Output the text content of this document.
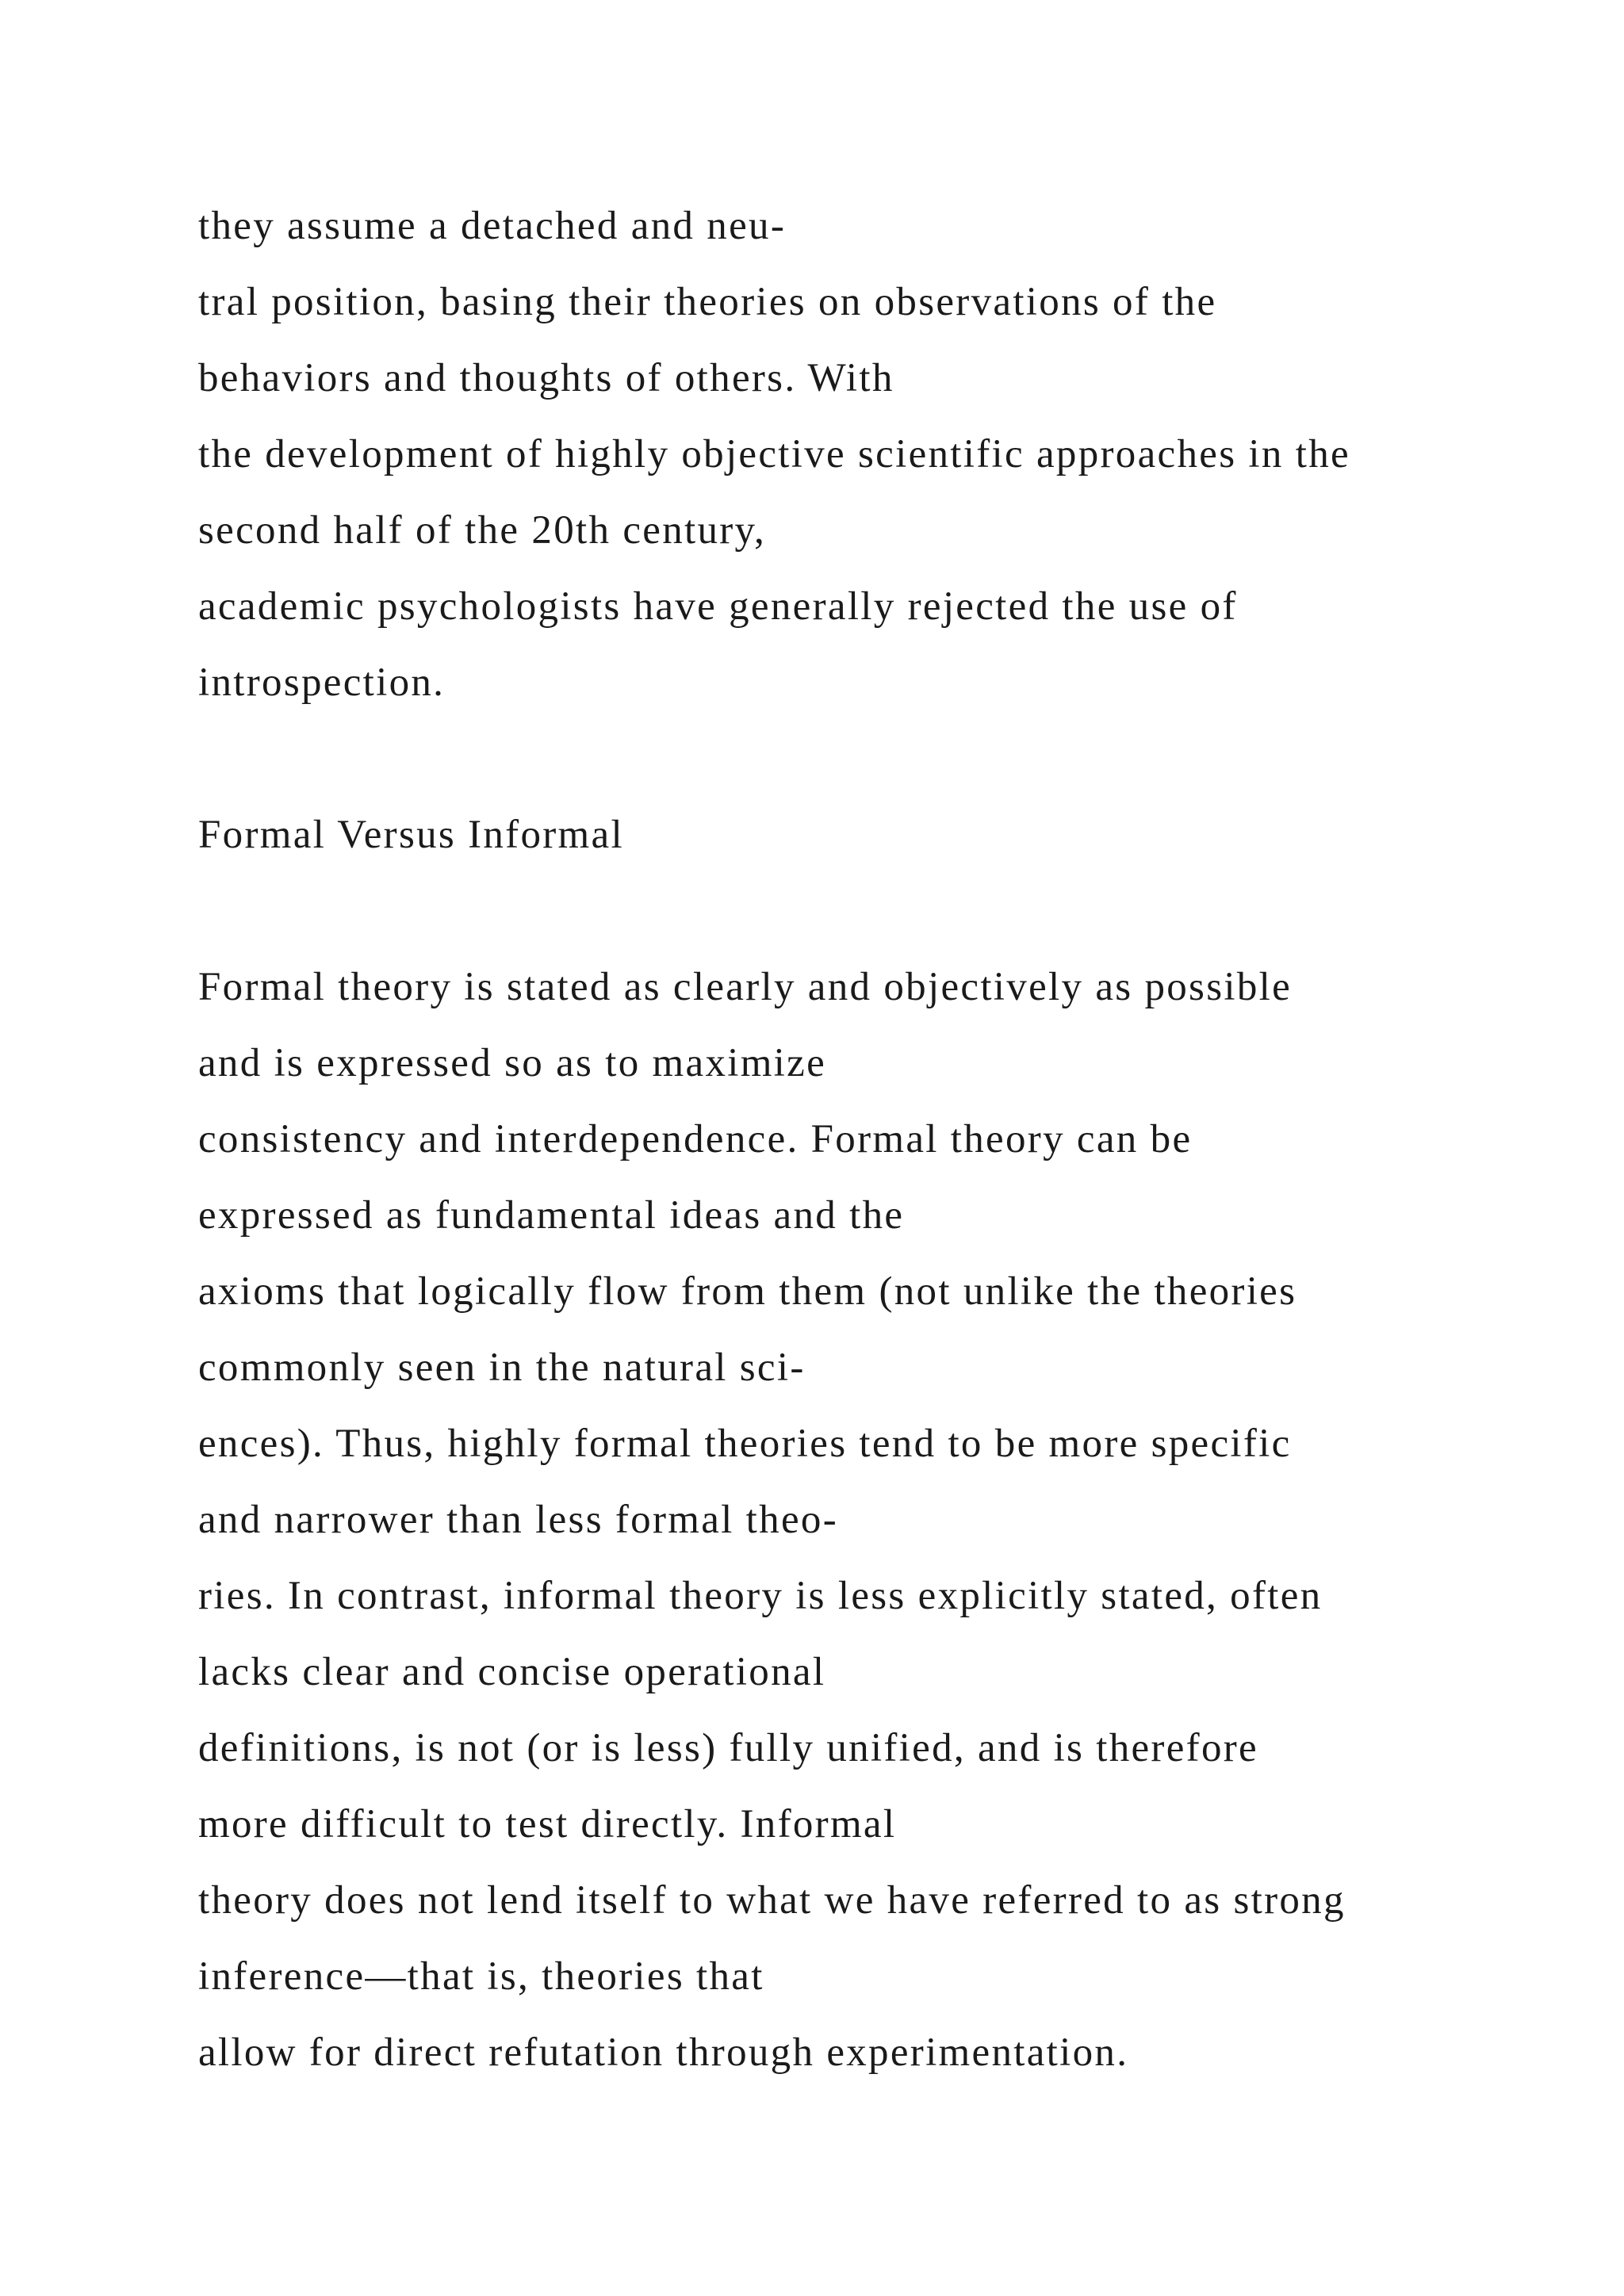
they assume a detached and neu-
tral position, basing their theories on observations of the
behaviors and thoughts of others. With
the development of highly objective scientific approaches in the
second half of the 20th century,
academic psychologists have generally rejected the use of
introspection.
Formal Versus Informal
Formal theory is stated as clearly and objectively as possible
and is expressed so as to maximize
consistency and interdependence. Formal theory can be
expressed as fundamental ideas and the
axioms that logically flow from them (not unlike the theories
commonly seen in the natural sci-
ences). Thus, highly formal theories tend to be more specific
and narrower than less formal theo-
ries. In contrast, informal theory is less explicitly stated, often
lacks clear and concise operational
definitions, is not (or is less) fully unified, and is therefore
more difficult to test directly. Informal
theory does not lend itself to what we have referred to as strong
inference—that is, theories that
allow for direct refutation through experimentation.
